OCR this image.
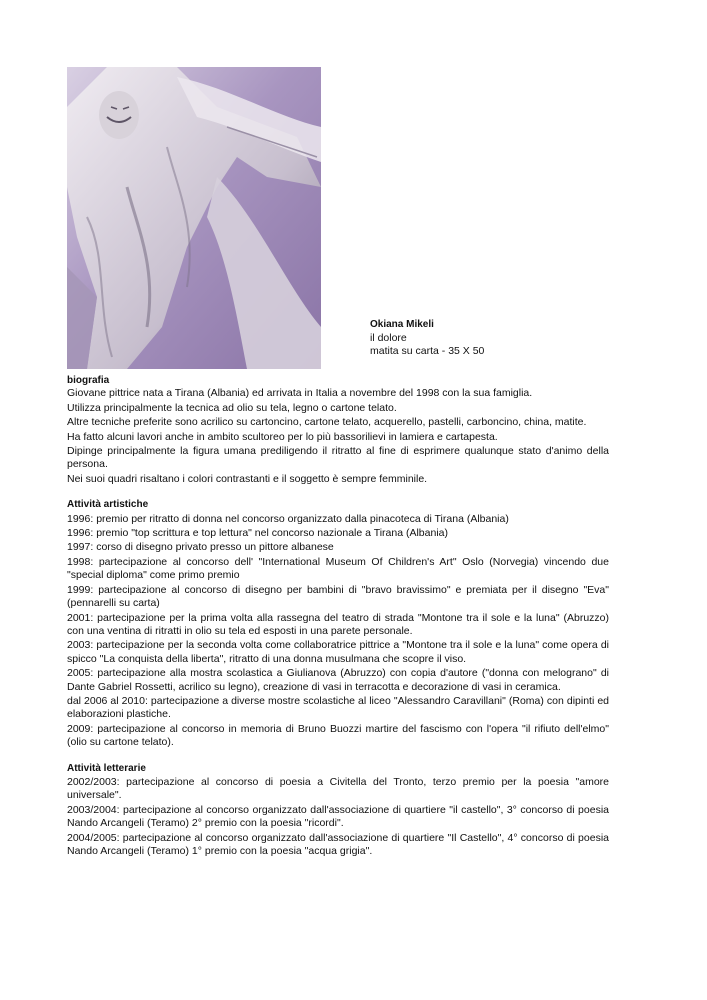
Okiana Mikeli
il dolore
matita su carta - 35 X 50
biografia
Giovane pittrice nata a Tirana (Albania) ed arrivata in Italia a novembre del 1998 con la sua famiglia.
Utilizza principalmente la tecnica ad olio su tela, legno o cartone telato.
Altre tecniche preferite sono acrilico su cartoncino, cartone telato, acquerello, pastelli, carboncino, china, matite.
Ha fatto alcuni lavori anche in ambito scultoreo per lo più bassorilievi in lamiera e cartapesta.
Dipinge principalmente la figura umana prediligendo il ritratto al fine di esprimere qualunque stato d'animo della persona.
Nei suoi quadri risaltano i colori contrastanti e il soggetto è sempre femminile.
Attività artistiche
1996: premio per ritratto di donna nel concorso organizzato dalla pinacoteca di Tirana (Albania)
1996: premio "top scrittura e top lettura" nel concorso nazionale a Tirana (Albania)
1997: corso di disegno privato presso un pittore albanese
1998: partecipazione al concorso dell' "International Museum Of Children's Art" Oslo (Norvegia) vincendo due "special diploma" come primo premio
1999: partecipazione al concorso di disegno per bambini di "bravo bravissimo" e premiata per il disegno "Eva" (pennarelli su carta)
2001: partecipazione per la prima volta alla rassegna del teatro di strada "Montone tra il sole e la luna" (Abruzzo) con una ventina di ritratti in olio su tela ed esposti in una parete personale.
2003: partecipazione per la seconda volta come collaboratrice pittrice a "Montone tra il sole e la luna" come opera di spicco "La conquista della liberta", ritratto di una donna musulmana che scopre il viso.
2005: partecipazione alla mostra scolastica a Giulianova (Abruzzo) con copia d'autore ("donna con melograno" di Dante Gabriel Rossetti, acrilico su legno), creazione di vasi in terracotta e decorazione di vasi in ceramica.
dal 2006 al 2010: partecipazione a diverse mostre scolastiche al liceo "Alessandro Caravillani" (Roma) con dipinti ed elaborazioni plastiche.
2009: partecipazione al concorso in memoria di Bruno Buozzi martire del fascismo con l'opera "il rifiuto dell'elmo" (olio su cartone telato).
Attività letterarie
2002/2003: partecipazione al concorso di poesia a Civitella del Tronto, terzo premio per la poesia "amore universale".
2003/2004: partecipazione al concorso organizzato dall'associazione di quartiere "il castello", 3° concorso di poesia Nando Arcangeli (Teramo) 2° premio con la poesia "ricordi".
2004/2005: partecipazione al concorso organizzato dall'associazione di quartiere "Il Castello", 4° concorso di poesia Nando Arcangeli (Teramo) 1° premio con la poesia "acqua grigia".
